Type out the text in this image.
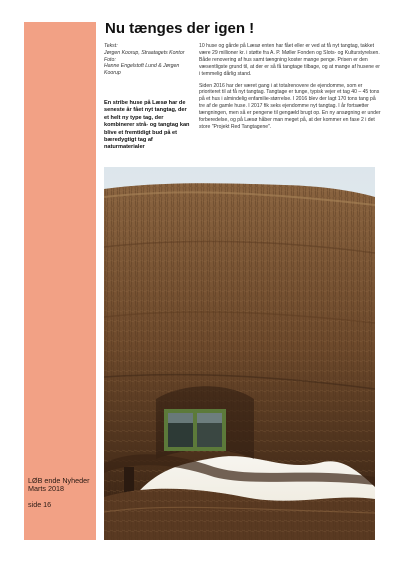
LØB ende Nyheder
Marts 2018
side 16
Nu tænges der igen !
Tekst:
Jørgen Koorup, Straatagets Kontor
Foto:
Hanne Engelstoft Lund & Jørgen Koorup
En stribe huse på Læsø har de seneste år fået nyt tangtag, der et helt ny type tag, der kombinerer strå- og tangtag kan blive et fremtidigt bud på et bæredygtigt tag af naturmaterialer

10 huse og gårde på Læsø enten har fået eller er ved at få nyt tangtag, takket være 29 millioner kr. i støtte fra A. P. Møller Fonden og Slots- og Kulturstyrelsen. Både renovering af hus samt tængning koster mange penge. Prisen er den væsentligste grund til, at der er så få tangtage tilbage, og at mange af husene er i temmelig dårlig stand.

Siden 2016 har der været gang i at totalrenovere de ejendomme, som er prioriteret til at få nyt tangtag. Tangtage er tunge, typisk vejer et tag 40 – 45 tons på et hus i almindelig enfamilie-størrelse. I 2016 blev der lagt 170 tons tang på tre af de gamle huse. I 2017 fik seks ejendomme nyt tangtag. I år fortsætter tængningen, men så er pengene til gengæld brugt op. En ny ansøgning er under forberedelse, og på Læsø håber man meget på, at der kommer en fase 2 i det store "Projekt Red Tangtagene".
